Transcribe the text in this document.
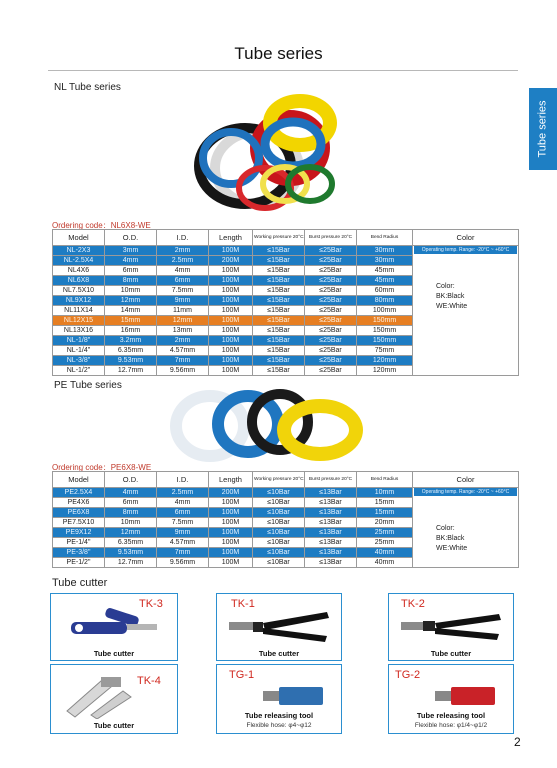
Tube series
Tube series
NL Tube series
Ordering code：NL6X8-WE
Model	O.D.	I.D.	Length	Working pressure 20°C	Burst pressure 20°C	Bend Radius	Color
NL-2X3	3mm	2mm	100M	≤15Bar	≤25Bar	30mm	Operating temp. Range: -20°C ~ +60°C
Color:
BK:Black
WE:White

NL-2.5X4	4mm	2.5mm	200M	≤15Bar	≤25Bar	30mm	
NL4X6	6mm	4mm	100M	≤15Bar	≤25Bar	45mm	
NL6X8	8mm	6mm	100M	≤15Bar	≤25Bar	45mm	
NL7.5X10	10mm	7.5mm	100M	≤15Bar	≤25Bar	60mm	
NL9X12	12mm	9mm	100M	≤15Bar	≤25Bar	80mm	
NL11X14	14mm	11mm	100M	≤15Bar	≤25Bar	100mm	
NL12X15	15mm	12mm	100M	≤15Bar	≤25Bar	150mm	
NL13X16	16mm	13mm	100M	≤15Bar	≤25Bar	150mm	
NL-1/8"	3.2mm	2mm	100M	≤15Bar	≤25Bar	150mm	
NL-1/4"	6.35mm	4.57mm	100M	≤15Bar	≤25Bar	75mm	
NL-3/8"	9.53mm	7mm	100M	≤15Bar	≤25Bar	120mm	
NL-1/2"	12.7mm	9.56mm	100M	≤15Bar	≤25Bar	120mm	
PE Tube series
Ordering code：PE6X8-WE
Model	O.D.	I.D.	Length	Working pressure 20°C	Burst pressure 20°C	Bend Radius	Color
PE2.5X4	4mm	2.5mm	200M	≤10Bar	≤13Bar	10mm	Operating temp. Range: -20°C ~ +60°C
Color:
BK:Black
WE:White

PE4X6	6mm	4mm	100M	≤10Bar	≤13Bar	15mm	
PE6X8	8mm	6mm	100M	≤10Bar	≤13Bar	15mm	
PE7.5X10	10mm	7.5mm	100M	≤10Bar	≤13Bar	20mm	
PE9X12	12mm	9mm	100M	≤10Bar	≤13Bar	25mm	
PE-1/4"	6.35mm	4.57mm	100M	≤10Bar	≤13Bar	25mm	
PE-3/8"	9.53mm	7mm	100M	≤10Bar	≤13Bar	40mm	
PE-1/2"	12.7mm	9.56mm	100M	≤10Bar	≤13Bar	40mm	
Tube cutter
TK-3
Tube cutter
TK-1
Tube cutter
TK-2
Tube cutter
TK-4
Tube cutter
TG-1
Tube releasing tool
Flexible hose: φ4~φ12
TG-2
Tube releasing tool
Flexible hose: φ1/4~φ1/2
2
